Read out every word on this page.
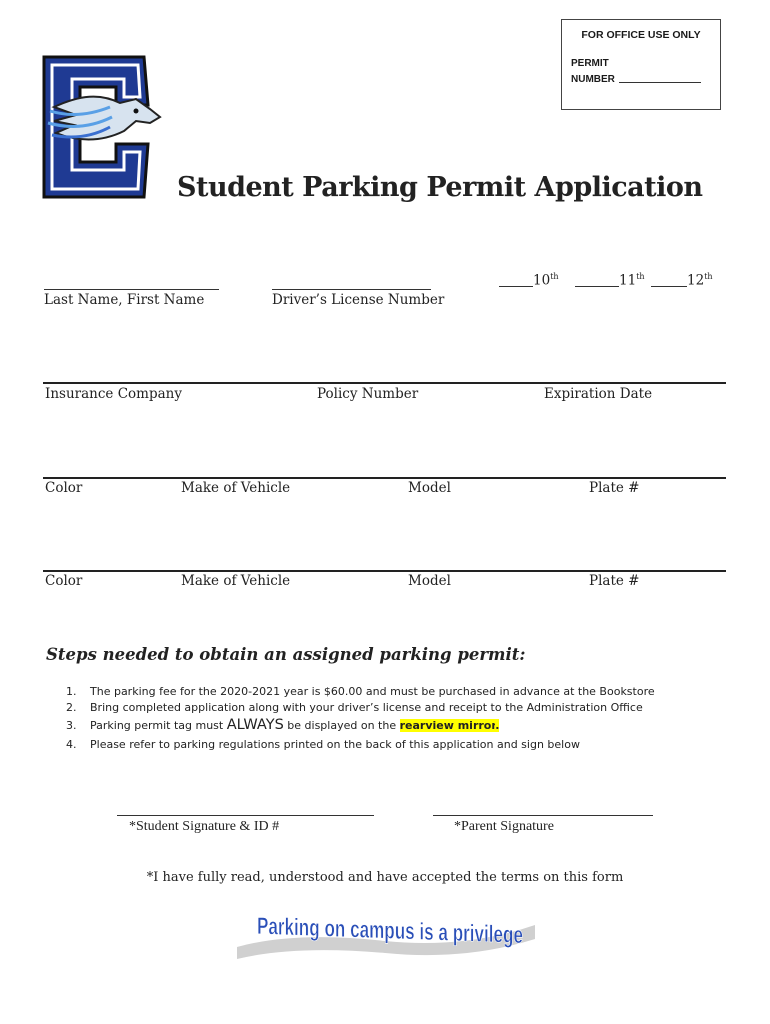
FOR OFFICE USE ONLY
PERMIT
NUMBER
Student Parking Permit Application
Last Name, First Name	Driver’s License Number
10th	11th	12th
Insurance Company	Policy Number	Expiration Date
Color	Make of Vehicle	Model	Plate #
Color	Make of Vehicle	Model	Plate #
Steps needed to obtain an assigned parking permit:
1. The parking fee for the 2020-2021 year is $60.00 and must be purchased in advance at the Bookstore
2. Bring completed application along with your driver’s license and receipt to the Administration Office
3. Parking permit tag must ALWAYS be displayed on the rearview mirror.
4. Please refer to parking regulations printed on the back of this application and sign below
*Student Signature & ID #	*Parent Signature
*I have fully read, understood and have accepted the terms on this form
Parking on campus is a privilege
